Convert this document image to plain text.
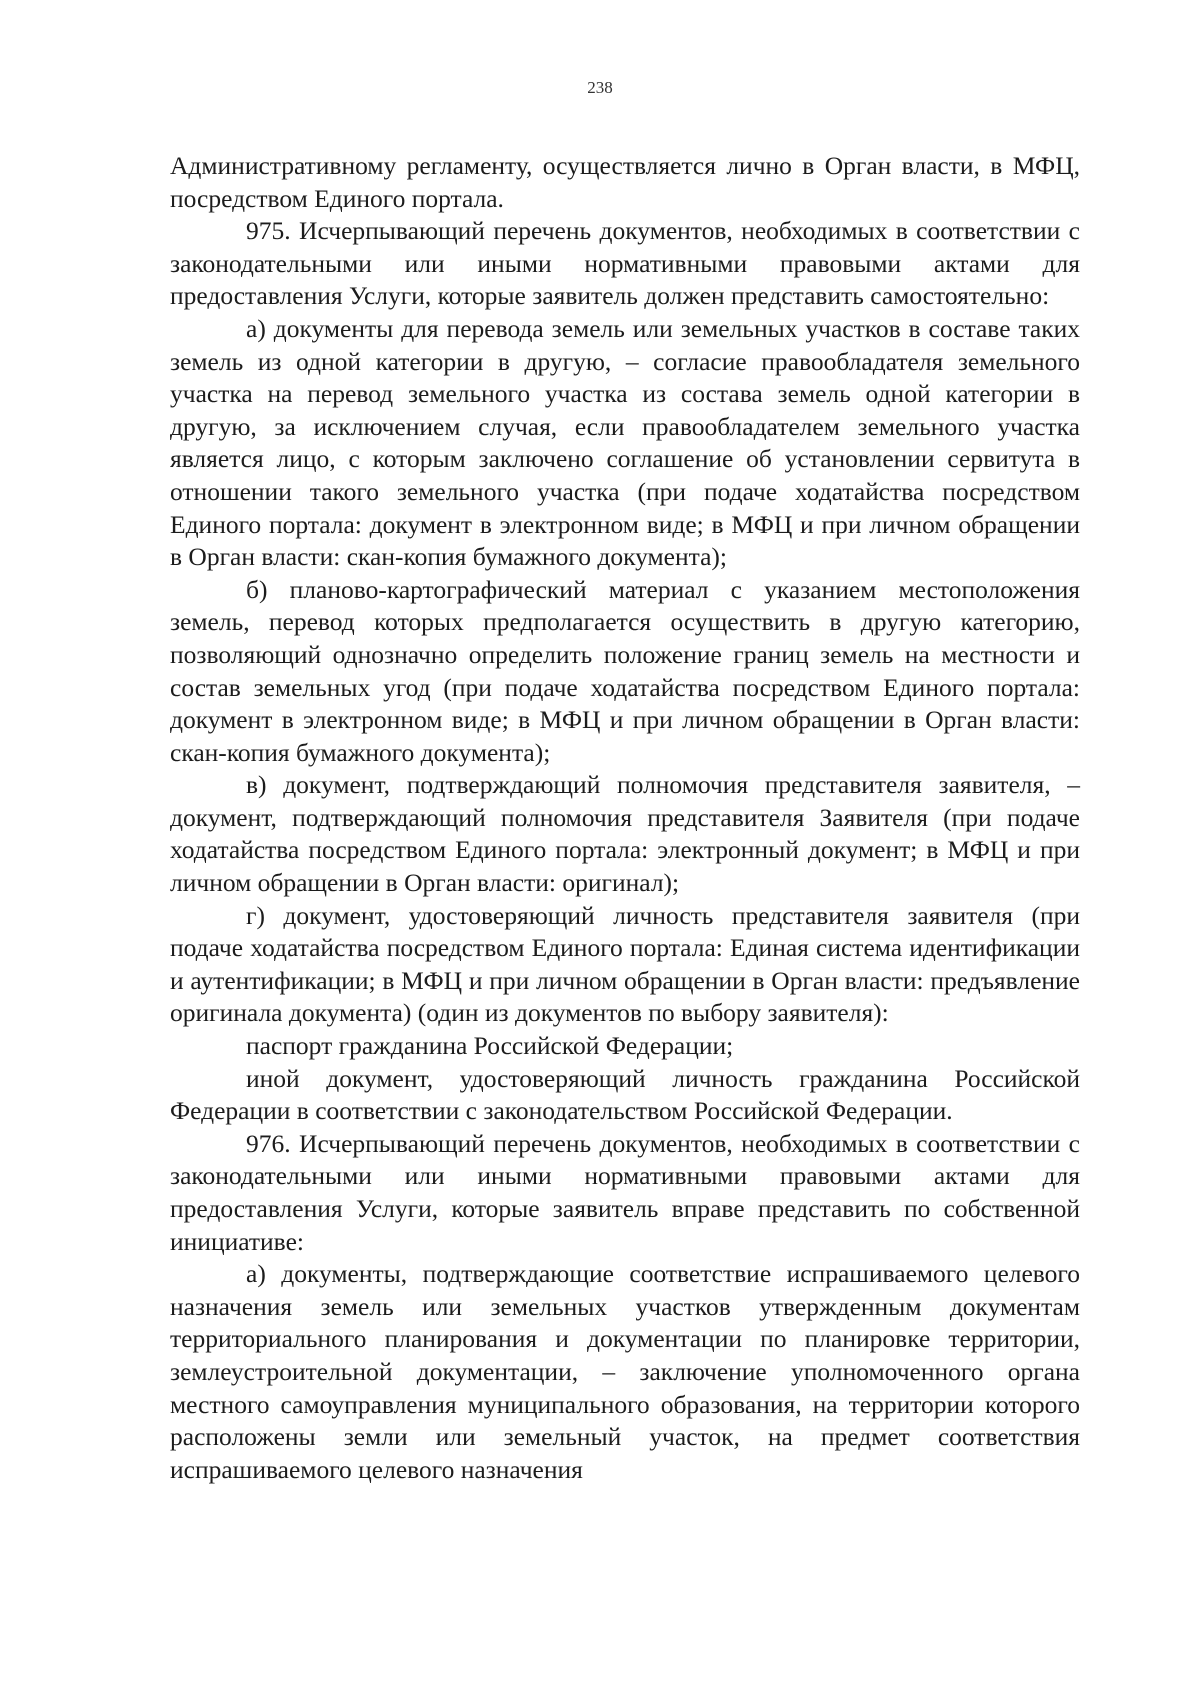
238

Административному регламенту, осуществляется лично в Орган власти, в МФЦ, посредством Единого портала.

975. Исчерпывающий перечень документов, необходимых в соответствии с законодательными или иными нормативными правовыми актами для предоставления Услуги, которые заявитель должен представить самостоятельно:

а) документы для перевода земель или земельных участков в составе таких земель из одной категории в другую, – согласие правообладателя земельного участка на перевод земельного участка из состава земель одной категории в другую, за исключением случая, если правообладателем земельного участка является лицо, с которым заключено соглашение об установлении сервитута в отношении такого земельного участка (при подаче ходатайства посредством Единого портала: документ в электронном виде; в МФЦ и при личном обращении в Орган власти: скан-копия бумажного документа);

б) планово-картографический материал с указанием местоположения земель, перевод которых предполагается осуществить в другую категорию, позволяющий однозначно определить положение границ земель на местности и состав земельных угод (при подаче ходатайства посредством Единого портала: документ в электронном виде; в МФЦ и при личном обращении в Орган власти: скан-копия бумажного документа);

в) документ, подтверждающий полномочия представителя заявителя, – документ, подтверждающий полномочия представителя Заявителя (при подаче ходатайства посредством Единого портала: электронный документ; в МФЦ и при личном обращении в Орган власти: оригинал);

г) документ, удостоверяющий личность представителя заявителя (при подаче ходатайства посредством Единого портала: Единая система идентификации и аутентификации; в МФЦ и при личном обращении в Орган власти: предъявление оригинала документа) (один из документов по выбору заявителя):

паспорт гражданина Российской Федерации;

иной документ, удостоверяющий личность гражданина Российской Федерации в соответствии с законодательством Российской Федерации.

976. Исчерпывающий перечень документов, необходимых в соответствии с законодательными или иными нормативными правовыми актами для предоставления Услуги, которые заявитель вправе представить по собственной инициативе:

а) документы, подтверждающие соответствие испрашиваемого целевого назначения земель или земельных участков утвержденным документам территориального планирования и документации по планировке территории, землеустроительной документации, – заключение уполномоченного органа местного самоуправления муниципального образования, на территории которого расположены земли или земельный участок, на предмет соответствия испрашиваемого целевого назначения
